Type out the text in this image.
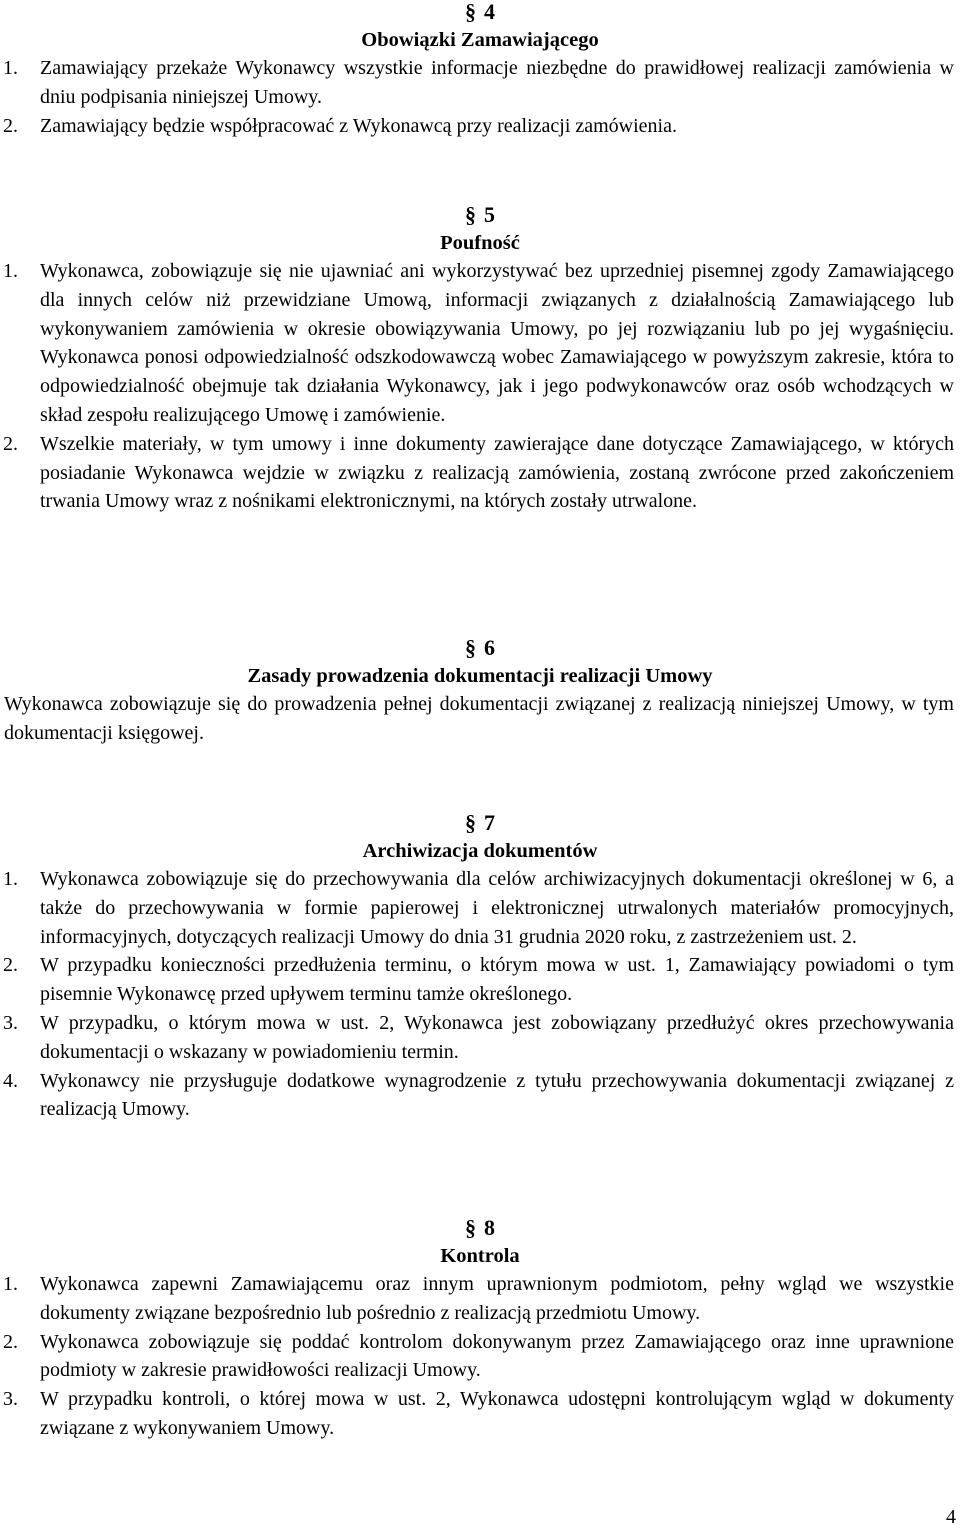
§ 4
Obowiązki Zamawiającego
1. Zamawiający przekaże Wykonawcy wszystkie informacje niezbędne do prawidłowej realizacji zamówienia w dniu podpisania niniejszej Umowy.
2. Zamawiający będzie współpracować z Wykonawcą przy realizacji zamówienia.
§ 5
Poufność
1. Wykonawca, zobowiązuje się nie ujawniać ani wykorzystywać bez uprzedniej pisemnej zgody Zamawiającego dla innych celów niż przewidziane Umową, informacji związanych z działalnością Zamawiającego lub wykonywaniem zamówienia w okresie obowiązywania Umowy, po jej rozwiązaniu lub po jej wygaśnięciu. Wykonawca ponosi odpowiedzialność odszkodowawczą wobec Zamawiającego w powyższym zakresie, która to odpowiedzialność obejmuje tak działania Wykonawcy, jak i jego podwykonawców oraz osób wchodzących w skład zespołu realizującego Umowę i zamówienie.
2. Wszelkie materiały, w tym umowy i inne dokumenty zawierające dane dotyczące Zamawiającego, w których posiadanie Wykonawca wejdzie w związku z realizacją zamówienia, zostaną zwrócone przed zakończeniem trwania Umowy wraz z nośnikami elektronicznymi, na których zostały utrwalone.
§ 6
Zasady prowadzenia dokumentacji realizacji Umowy
Wykonawca zobowiązuje się do prowadzenia pełnej dokumentacji związanej z realizacją niniejszej Umowy, w tym dokumentacji księgowej.
§ 7
Archiwizacja dokumentów
1. Wykonawca zobowiązuje się do przechowywania dla celów archiwizacyjnych dokumentacji określonej w 6, a także do przechowywania w formie papierowej i elektronicznej utrwalonych materiałów promocyjnych, informacyjnych, dotyczących realizacji Umowy do dnia 31 grudnia 2020 roku, z zastrzeżeniem ust. 2.
2. W przypadku konieczności przedłużenia terminu, o którym mowa w ust. 1, Zamawiający powiadomi o tym pisemnie Wykonawcę przed upływem terminu tamże określonego.
3. W przypadku, o którym mowa w ust. 2, Wykonawca jest zobowiązany przedłużyć okres przechowywania dokumentacji o wskazany w powiadomieniu termin.
4. Wykonawcy nie przysługuje dodatkowe wynagrodzenie z tytułu przechowywania dokumentacji związanej z realizacją Umowy.
§ 8
Kontrola
1. Wykonawca zapewni Zamawiającemu oraz innym uprawnionym podmiotom, pełny wgląd we wszystkie dokumenty związane bezpośrednio lub pośrednio z realizacją przedmiotu Umowy.
2. Wykonawca zobowiązuje się poddać kontrolom dokonywanym przez Zamawiającego oraz inne uprawnione podmioty w zakresie prawidłowości realizacji Umowy.
3. W przypadku kontroli, o której mowa w ust. 2, Wykonawca udostępni kontrolującym wgląd w dokumenty związane z wykonywaniem Umowy.
4
